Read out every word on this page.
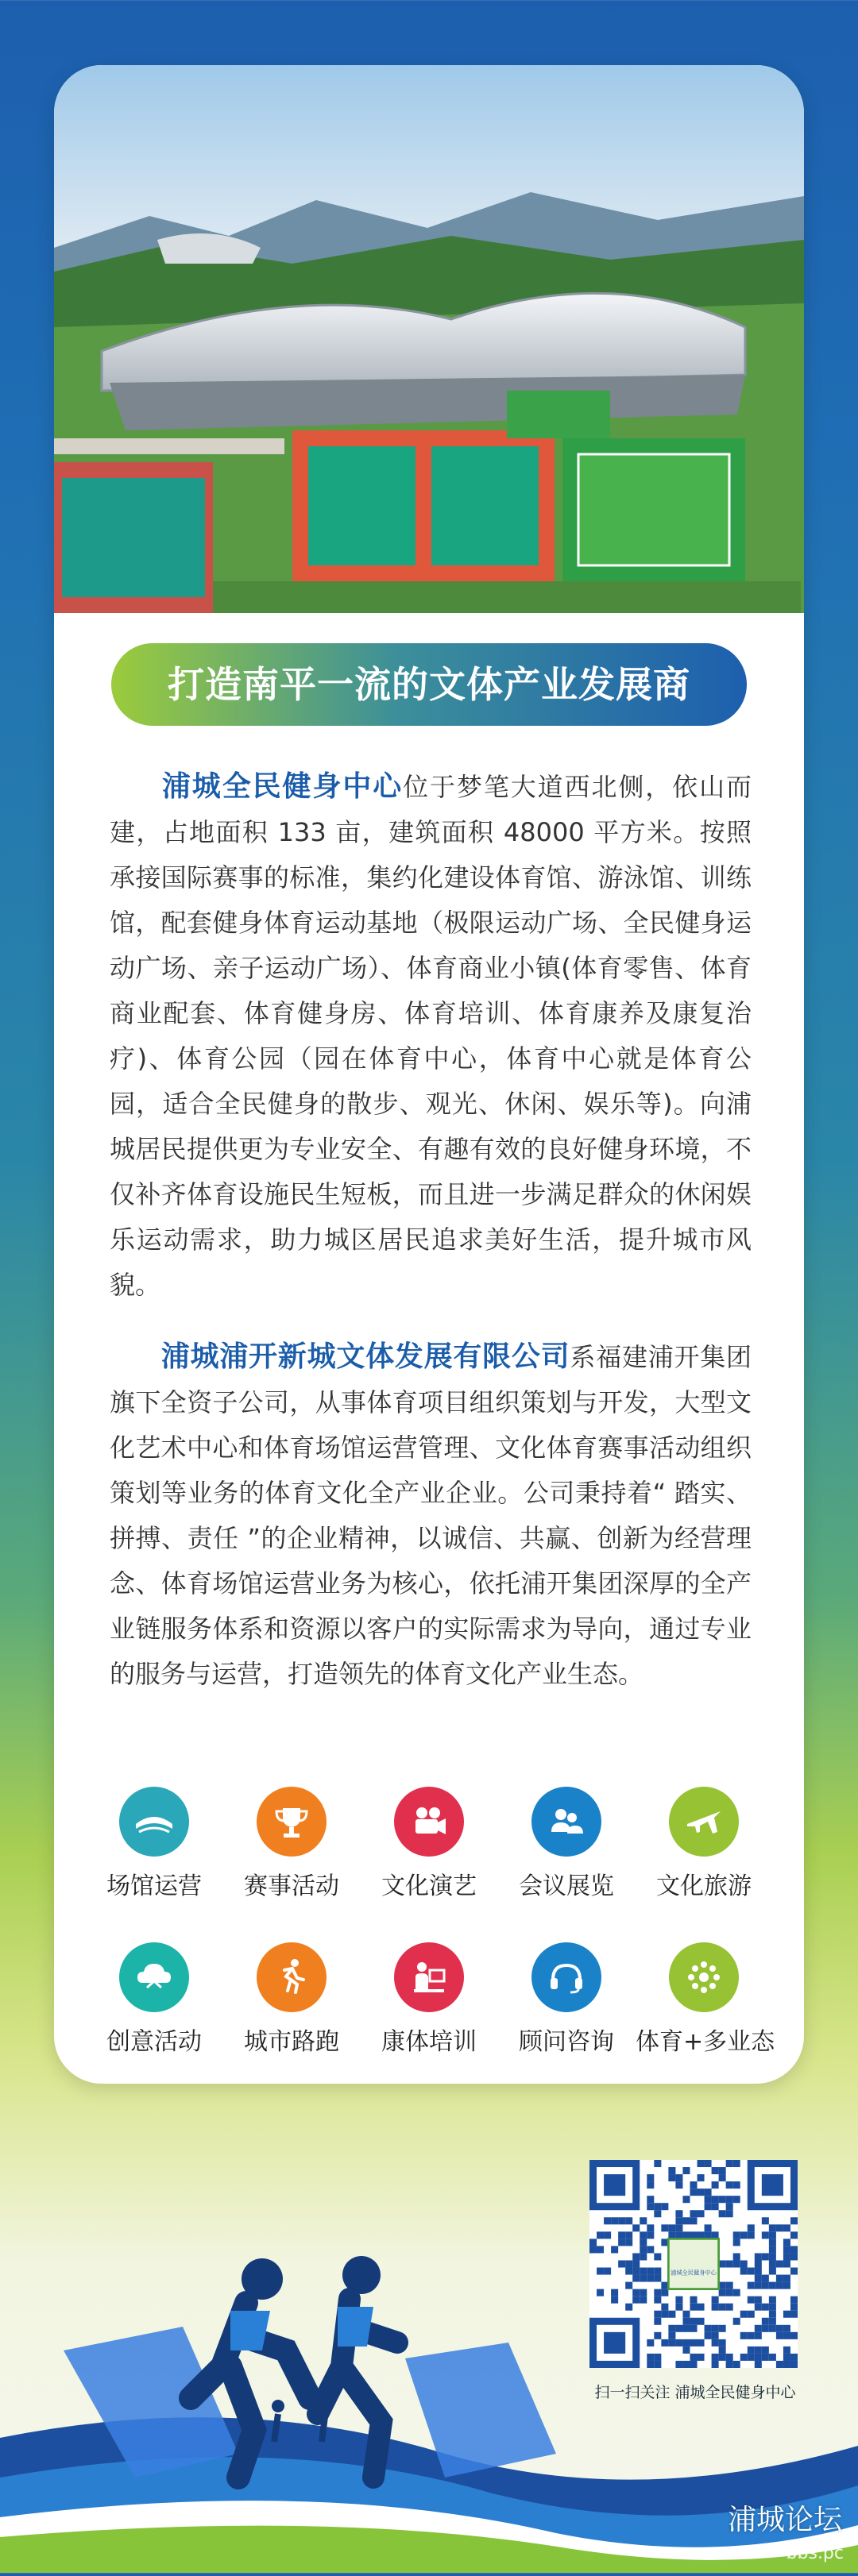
打造南平一流的文体产业发展商
浦城全民健身中心位于梦笔大道西北侧，依山而建，占地面积 133 亩，建筑面积 48000 平方米。按照承接国际赛事的标准，集约化建设体育馆、游泳馆、训练馆，配套健身体育运动基地（极限运动广场、全民健身运动广场、亲子运动广场）、体育商业小镇(体育零售、体育商业配套、体育健身房、体育培训、体育康养及康复治疗)、体育公园（园在体育中心，体育中心就是体育公园，适合全民健身的散步、观光、休闲、娱乐等)。向浦城居民提供更为专业安全、有趣有效的良好健身环境，不仅补齐体育设施民生短板，而且进一步满足群众的休闲娱乐运动需求，助力城区居民追求美好生活，提升城市风貌。
浦城浦开新城文体发展有限公司系福建浦开集团旗下全资子公司，从事体育项目组织策划与开发，大型文化艺术中心和体育场馆运营管理、文化体育赛事活动组织策划等业务的体育文化全产业企业。公司秉持着“ 踏实、拼搏、责任 ”的企业精神，以诚信、共赢、创新为经营理念、体育场馆运营业务为核心，依托浦开集团深厚的全产业链服务体系和资源以客户的实际需求为导向，通过专业的服务与运营，打造领先的体育文化产业生态。
场馆运营	赛事活动	文化演艺	会议展览	文化旅游
创意活动	城市路跑	康体培训	顾问咨询 体育+多业态
扫一扫关注 浦城全民健身中心
浦城论坛
bbs.pc
